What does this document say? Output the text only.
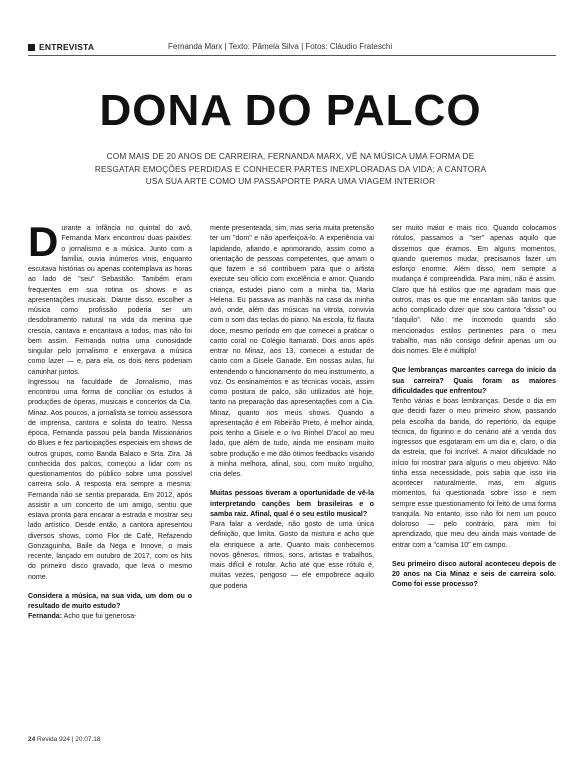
ENTREVISTA	Fernanda Marx | Texto: Pâmela Silva | Fotos: Cláudio Frateschi
DONA DO PALCO
COM MAIS DE 20 ANOS DE CARREIRA, FERNANDA MARX, VÊ NA MÚSICA UMA FORMA DE RESGATAR EMOÇÕES PERDIDAS E CONHECER PARTES INEXPLORADAS DA VIDA; A CANTORA USA SUA ARTE COMO UM PASSAPORTE PARA UMA VIAGEM INTERIOR

Durante a infância no quintal do avô, Fernanda Marx encontrou duas paixões: o jornalismo e a música. Junto com a família, ouvia inúmeros vinis, enquanto escutava histórias ou apenas contemplava as horas ao lado de "seu" Sebastião. Também eram frequentes em sua rotina os shows e as apresentações musicais. Diante disso, escolher a música como profissão poderia ser um desdobramento natural na vida da menina que crescia, cantava e encantava a todos, mas não foi bem assim. Fernanda nutria uma curiosidade singular pelo jornalismo e enxergava a música como lazer — e, para ela, os dois itens poderiam caminhar juntos.

Ingressou na faculdade de Jornalismo, mas encontrou uma forma de conciliar os estudos à produções de óperas, musicais e concertos da Cia. Minaz. Aos poucos, a jornalista se tornou assessora de imprensa, cantora e solista do teatro. Nessa época, Fernanda passou pela banda Missionários do Blues e fez participações especiais em shows de outros grupos, como Banda Balaco e Srta. Zira. Já conhecida dos palcos, começou a lidar com os questionamentos do público sobre uma possível carreira solo. A resposta era sempre a mesma: Fernanda não se sentia preparada. Em 2012, após assistir a um concerto de um amigo, sentiu que estava pronta para encarar a estrada e mostrar seu lado artístico. Desde então, a cantora apresentou diversos shows, como Flor de Café, Refazendo Gonzaguinha, Baile da Nega e Innove, o mais recente, lançado em outubro de 2017, com os hits do primeiro disco gravado, que leva o mesmo nome.

Considera a música, na sua vida, um dom ou o resultado de muito estudo?

Fernanda: Acho que fui generosa-

mente presenteada, sim, mas seria muita pretensão ter um "dom" e não aperfeiçoá-lo. A experiência vai lapidando, afiando e aprimorando, assim como a orientação de pessoas competentes, que amam o que fazem e só contribuem para que o artista execute seu ofício com excelência e amor. Quando criança, estudei piano com a minha tia, Maria Helena. Eu passava as manhãs na casa da minha avó, onde, além das músicas na vitrola, convivia com o som das teclas do piano. Na escola, fiz flauta doce, mesmo período em que comecei a praticar o canto coral no Colégio Itamarati. Dois anos após entrar no Minaz, aos 13, comecei a estudar de canto com a Gisele Ganade. Em nossas aulas, fui entendendo o funcionamento do meu instrumento, a voz. Os ensinamentos e as técnicas vocais, assim como postura de palco, são utilizados até hoje, tanto na preparação das apresentações com a Cia. Minaz, quanto nos meus shows. Quando a apresentação é em Ribeirão Preto, é melhor ainda, pois tenho a Gisele e o Ivo Rinhel D'acol ao meu lado, que além de tudo, ainda me ensinam muito sobre produção e me dão ótimos feedbacks visando à minha melhora, afinal, sou, com muito orgulho, cria deles.

Muitas pessoas tiveram a oportunidade de vê-la interpretando canções bem brasileiras e o samba raiz. Afinal, qual é o seu estilo musical?

Para falar a verdade, não gosto de uma única definição, que limita. Gosto da mistura e acho que ela enriquece a arte. Quanto mais conhecemos novos gêneros, ritmos, sons, artistas e trabalhos, mais difícil é rotular. Acho até que esse rótulo é, muitas vezes, perigoso — ele empobrece aquilo que poderia

ser muito maior e mais rico. Quando colocamos rótulos, passamos a "ser" apenas aquilo que dissemos que éramos. Em alguns momentos, quando queremos mudar, precisamos fazer um esforço enorme. Além disso, nem sempre a mudança é compreendida. Para mim, não é assim. Claro que há estilos que me agradam mais que outros, mas os que me encantam são tantos que acho complicado dizer que sou cantora "disso" ou "daquilo". Não me incomodo quando são mencionados estilos pertinentes para o meu trabalho, mas não consigo definir apenas um ou dois nomes. Ele é múltiplo!

Que lembranças marcantes carrega do início da sua carreira? Quais foram as maiores dificuldades que enfrentou?

Tenho várias e boas lembranças. Desde o dia em que decidi fazer o meu primeiro show, passando pela escolha da banda, do repertório, da equipe técnica, do figurino e do cenário até a venda dos ingressos que esgotaram em um dia e, claro, o dia da estreia, que foi incrível. A maior dificuldade no início foi mostrar para alguns o meu objetivo. Não tinha essa necessidade, pois sabia que isso iria acontecer naturalmente, mas, em alguns momentos, fui questionada sobre isso e nem sempre esse questionamento foi feito de uma forma tranquila. No entanto, isso não foi nem um pouco doloroso — pelo contrário, para mim foi aprendizado, que meu deu ainda mais vontade de entrar com a "camisa 10" em campo.

Seu primeiro disco autoral aconteceu depois de 20 anos na Cia Minaz e seis de carreira solo. Como foi esse processo?

24 Revida 924 | 20.07.18
